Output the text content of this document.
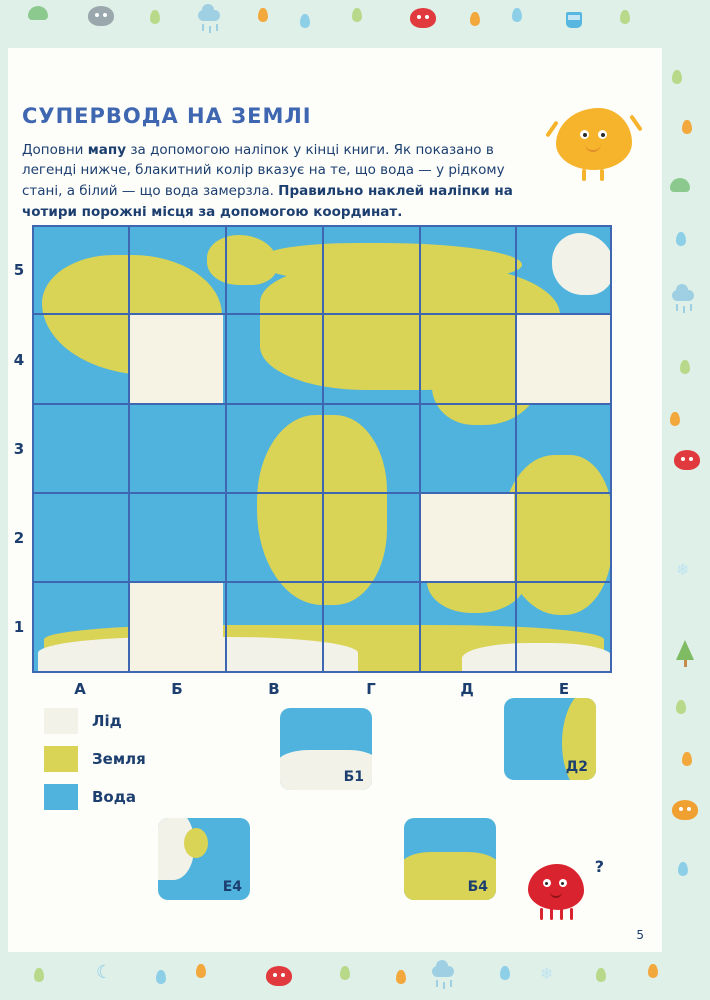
☾	❄
❄
СУПЕРВОДА НА ЗЕМЛІ

Доповни мапу за допомогою наліпок у кінці книги. Як показано в легенді нижче, блакитний колір вказує на те, що вода — у рідкому стані, а білий — що вода замерзла. Правильно наклей наліпки на чотири порожні місця за допомогою координат.

5
4
3
2
1
А	Б	В	Г	Д	Е
Лід
Земля
Вода
Б1
Д2
Е4	Б4
?
5
